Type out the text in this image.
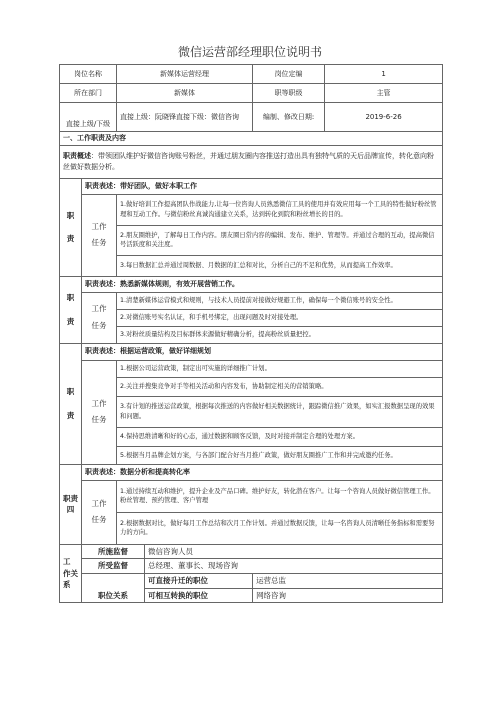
微信运营部经理职位说明书
岗位名称		新媒体运营经理		岗位定编	1
所在部门		新媒体		职等职级	主管
直接上级/下级		直接上级：阮晓锋直接下级：微信咨询		编制、修改日期:	2019-6-26
一、工作职责及内容					
职责概述：带领团队维护好微信咨询账号粉丝，并通过朋友圈内容推送打造出具有独特气质的天后品牌宣传，转化意向粉丝做好数据分析。					
职

责	职责表述：带好团队，做好本职工作				
	工作
任务	1.做好培训工作提高团队作战能力,让每一位咨询人员熟悉微信工具的使用并有效应用每一个工具的特性做好粉丝管理和互动工作。与微信粉丝真诚沟通建立关系，达到转化到院和粉丝增长的目的。			
		2.朋友圈维护，了解每日工作内容。朋友圈日常内容的编辑、发布、维护、管理等。并通过合理的互动，提高微信号活跃度和关注度。			
		3.每日数据汇总并通过周数据、月数据的汇总和对比，分析自己的不足和优势，从而提高工作效率。			
职

责	职责表述：熟悉新媒体规则，有效开展营销工作。				
	工作
任务	1.清楚新媒体运营模式和规则，与技术人员提前对接做好规避工作，确保每一个微信账号的安全性。			
		2.对微信账号实名认证，和手机号绑定，出现问题及时对接处理。			
		3.对粉丝质量结构及目标群体来源做好精确分析，提高粉丝质量把控。			
职

责	职责表述：根据运营政策，做好详细规划				
	工作
任务	1.根据公司运营政策，制定出可实施的详细推广计划。			
		2.关注并搜集竞争对手等相关活动和内容发布，协助制定相关的营销策略。			
		3.有计划的推送运营政策，根据每次推送的内容做好相关数据统计，跟踪微信推广效果，如实汇报数据呈现的效果和问题。			
		4.保持思维清晰和好的心态，通过数据和顾客反馈，及时对接并制定合理的处理方案。			
		5.根据当月品牌企划方案，与各部门配合好当月推广政策，做好朋友圈推广工作和并完成邀约任务。			
职责
四	职责表述：数据分析和提高转化率				
	工作
任务	1.通过持续互动和维护，提升企业及产品口碑。维护好友，转化潜在客户。让每一个咨询人员做好微信管理工作。粉丝管理、预约管理、客户管理			
		2.根据数据对比，做好每月工作总结和次月工作计划。并通过数据反馈，让每一名咨询人员清晰任务指标和需要努力的方向。			
工
作关
系	所施监督		微信咨询人员		
	所受监督		总经理、董事长、现场咨询		
	职位关系		可直接升迁的职位	运营总监	
			可相互转换的职位	网络咨询	
